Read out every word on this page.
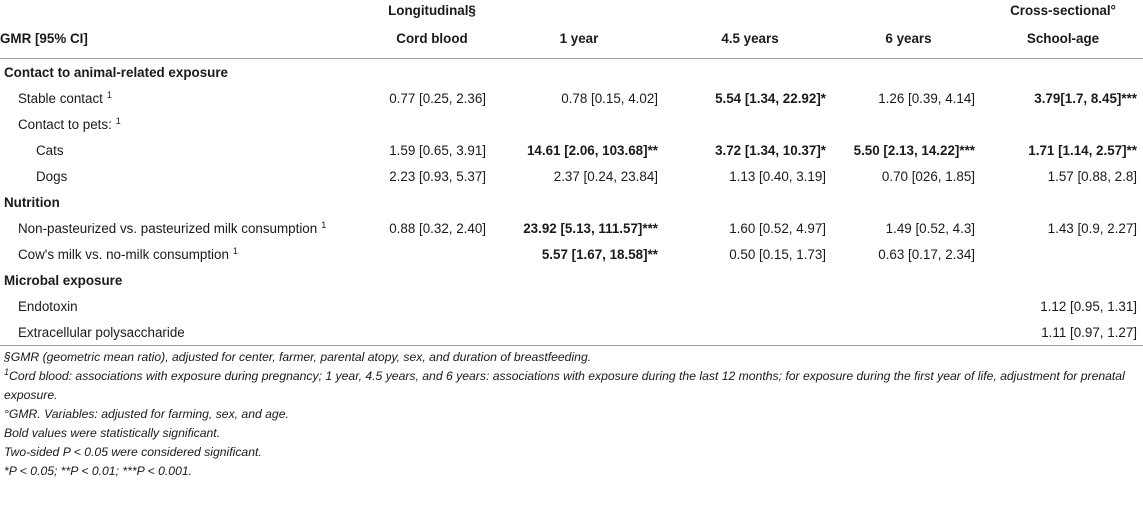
	Longitudinal§				Cross-sectional°
GMR [95% CI]	Cord blood	1 year	4.5 years	6 years	School-age
Contact to animal-related exposure					
Stable contact $^1$	0.77 [0.25, 2.36]	0.78 [0.15, 4.02]	5.54 [1.34, 22.92]*	1.26 [0.39, 4.14]	3.79[1.7, 8.45]***
Contact to pets: $^1$					
Cats	1.59 [0.65, 3.91]	14.61 [2.06, 103.68]**	3.72 [1.34, 10.37]*	5.50 [2.13, 14.22]***	1.71 [1.14, 2.57]**
Dogs	2.23 [0.93, 5.37]	2.37 [0.24, 23.84]	1.13 [0.40, 3.19]	0.70 [026, 1.85]	1.57 [0.88, 2.8]
Nutrition					
Non-pasteurized vs. pasteurized milk consumption $^1$	0.88 [0.32, 2.40]	23.92 [5.13, 111.57]***	1.60 [0.52, 4.97]	1.49 [0.52, 4.3]	1.43 [0.9, 2.27]
Cow's milk vs. no-milk consumption $^1$		5.57 [1.67, 18.58]**	0.50 [0.15, 1.73]	0.63 [0.17, 2.34]	
Microbal exposure					
Endotoxin					1.12 [0.95, 1.31]
Extracellular polysaccharide					1.11 [0.97, 1.27]
§GMR (geometric mean ratio), adjusted for center, farmer, parental atopy, sex, and duration of breastfeeding.
$^1$Cord blood: associations with exposure during pregnancy; 1 year, 4.5 years, and 6 years: associations with exposure during the last 12 months; for exposure during the first year of life, adjustment for prenatal exposure.
°GMR. Variables: adjusted for farming, sex, and age.
Bold values were statistically significant.
Two-sided P < 0.05 were considered significant.
*P < 0.05; **P < 0.01; ***P < 0.001.
